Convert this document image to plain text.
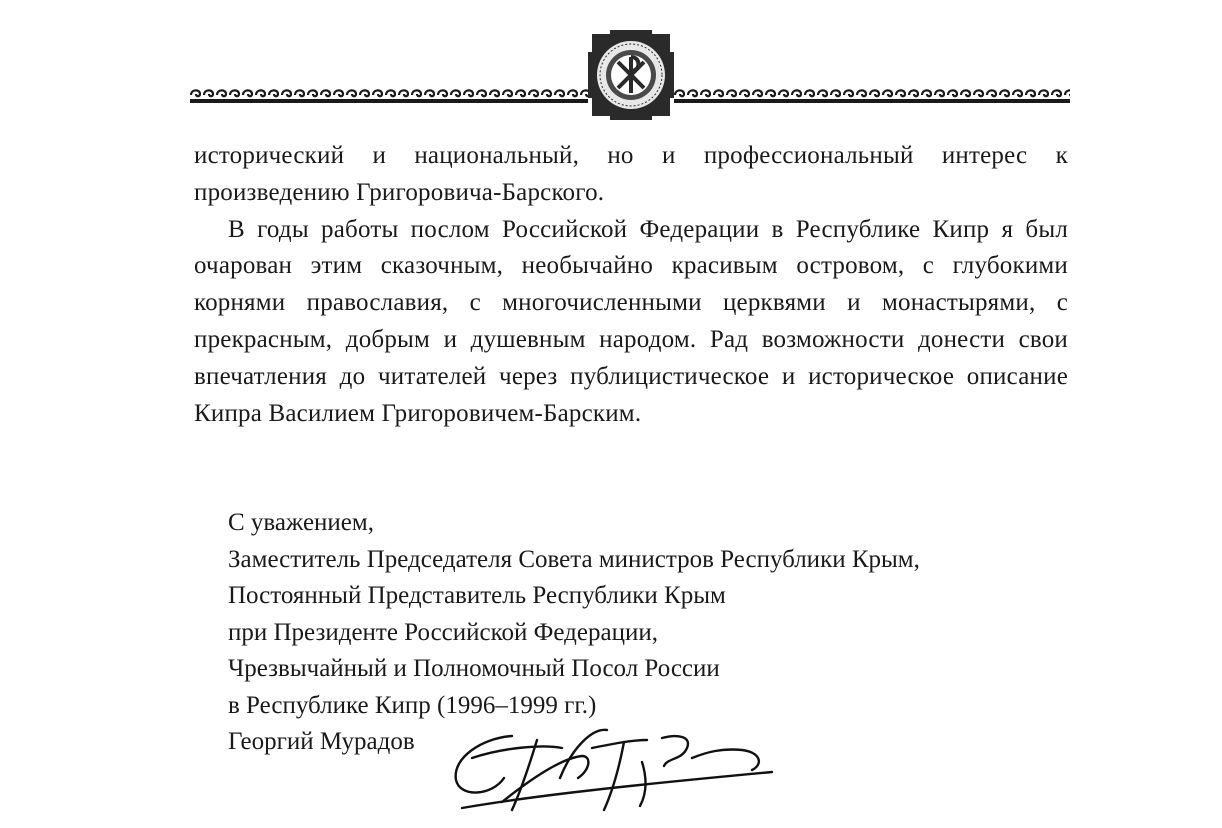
исторический и национальный, но и профессиональный интерес к произведению Григоровича-Барского.

В годы работы послом Российской Федерации в Республике Кипр я был очарован этим сказочным, необычайно красивым островом, с глубокими корнями православия, с многочисленными церквями и монастырями, с прекрасным, добрым и душевным народом. Рад возможности донести свои впечатления до читателей через публицистическое и историческое описание Кипра Василием Григоровичем-Барским.

С уважением,
Заместитель Председателя Совета министров Республики Крым,
Постоянный Представитель Республики Крым
при Президенте Российской Федерации,
Чрезвычайный и Полномочный Посол России
в Республике Кипр (1996–1999 гг.)
Георгий Мурадов
